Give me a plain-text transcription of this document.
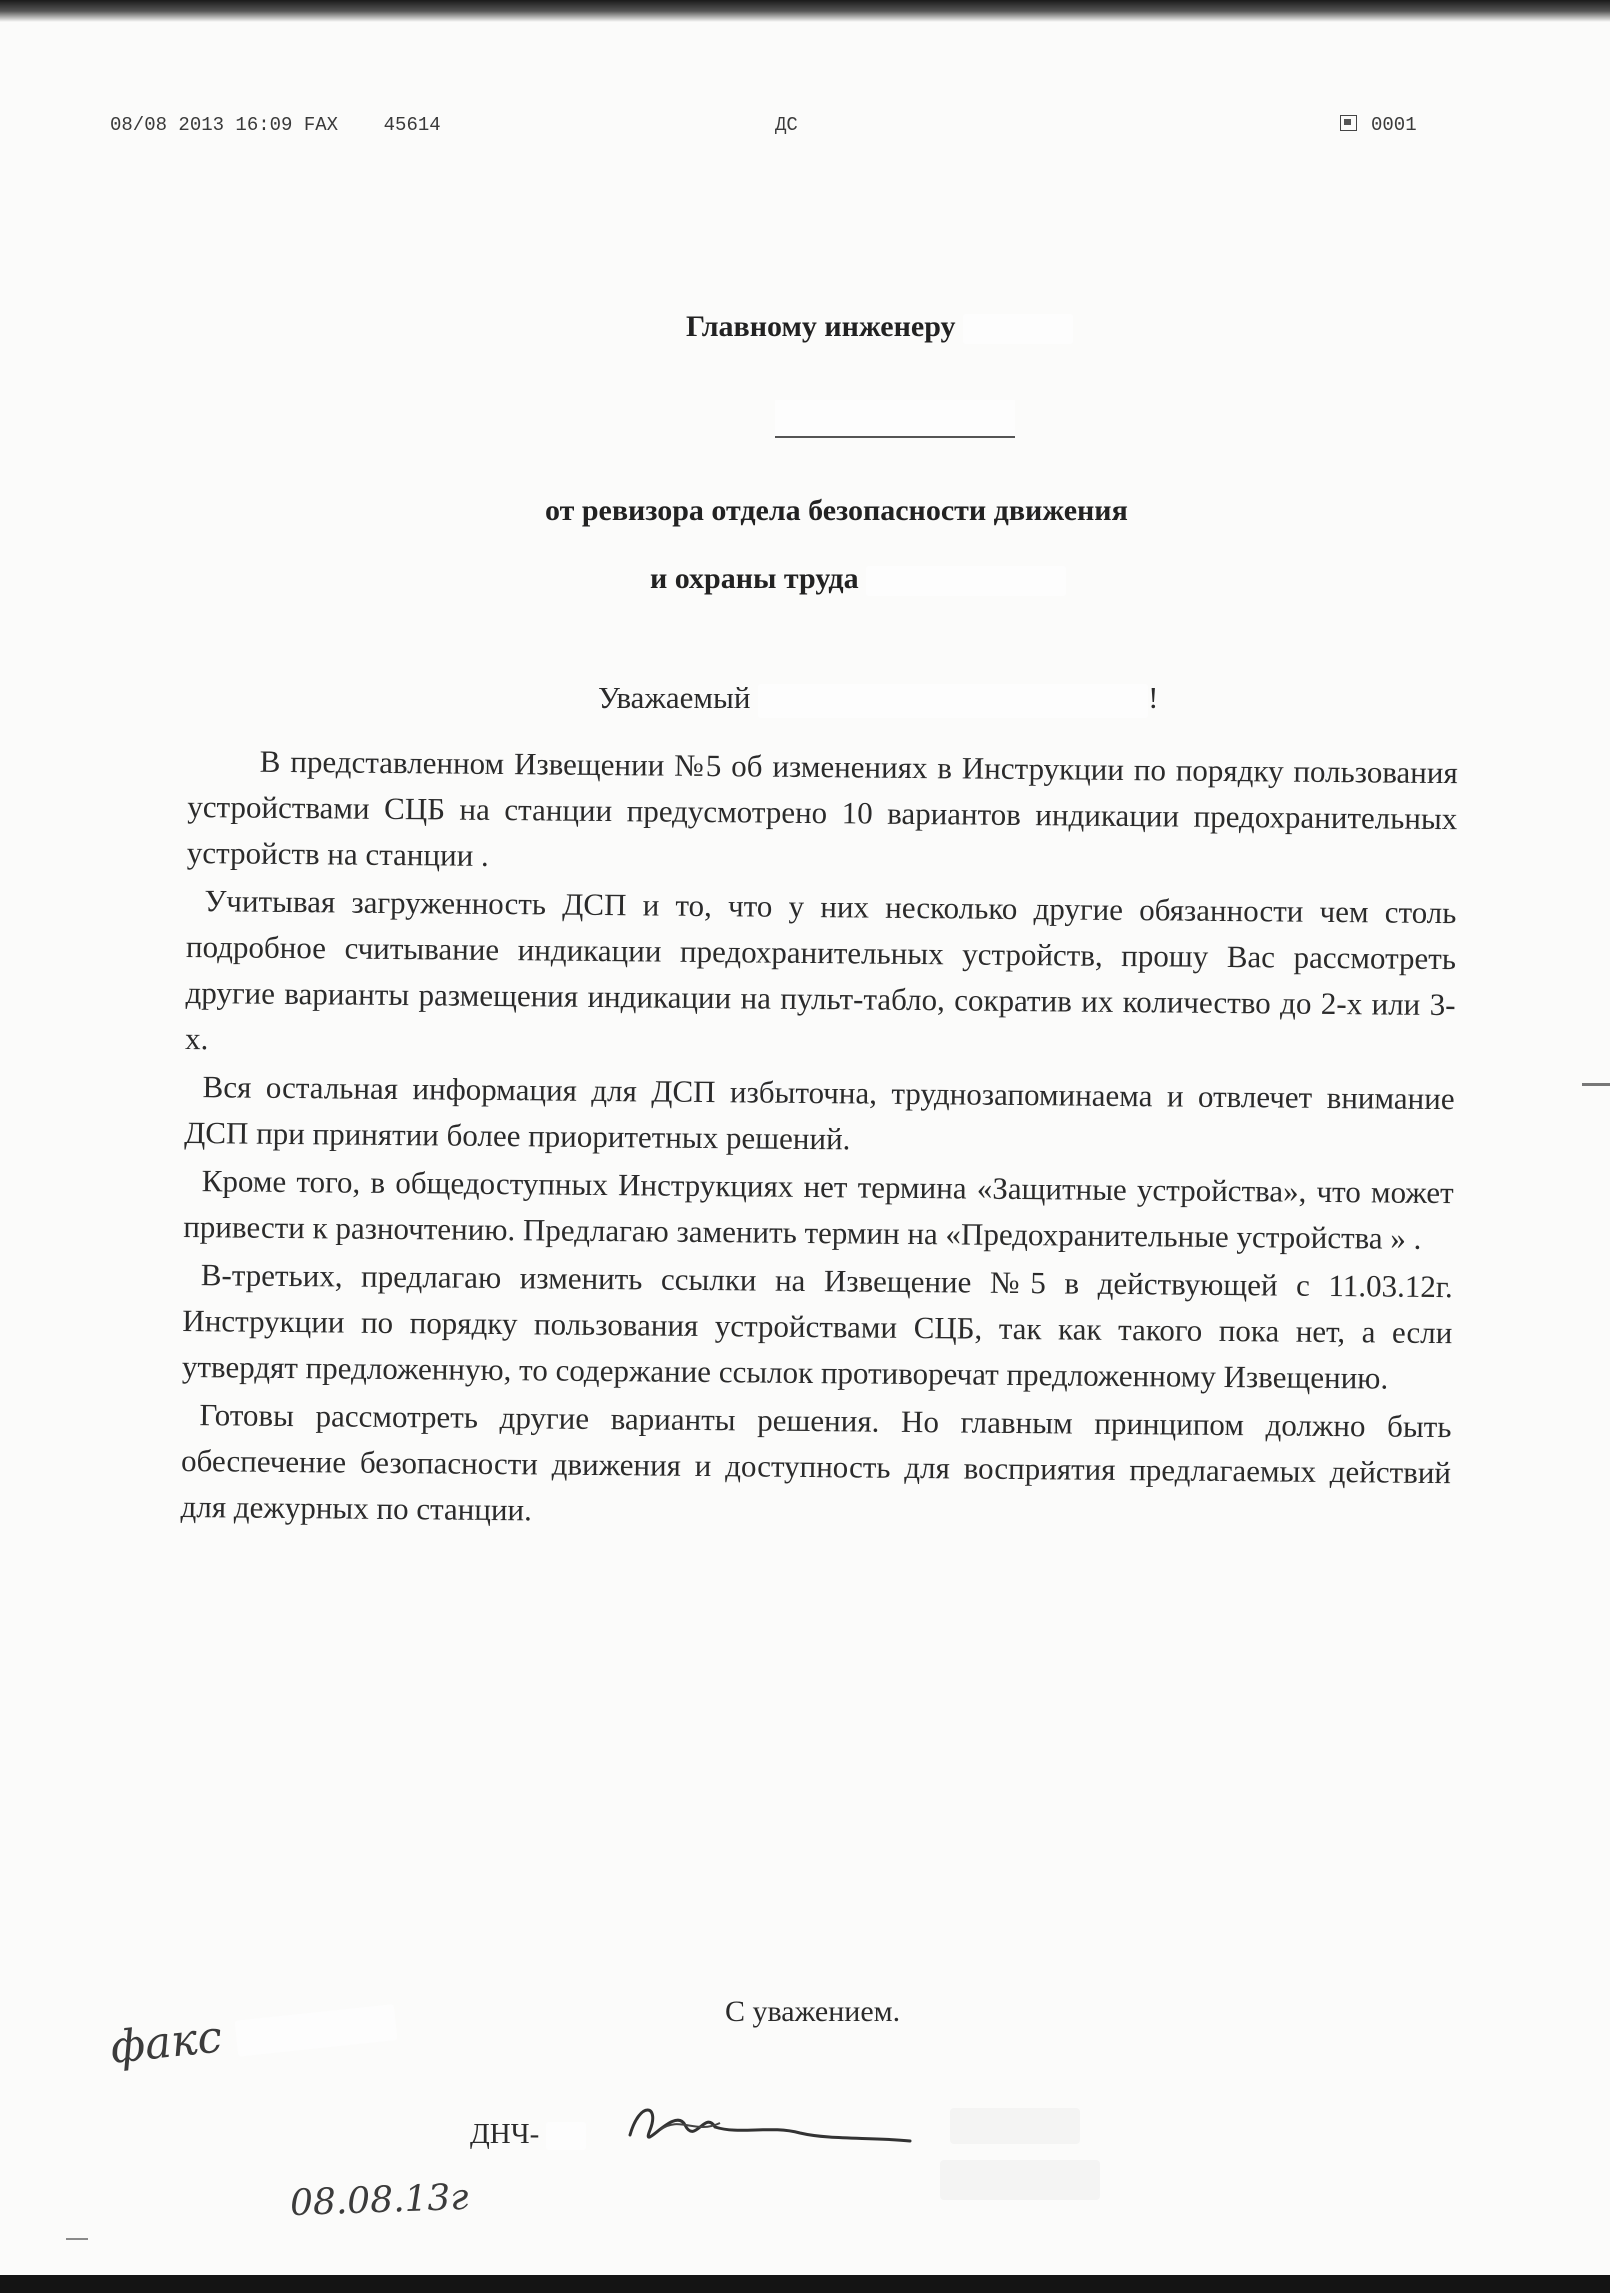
08/08 2013 16:09 FAX 45614	ДС	0001
Главному инженеру
от ревизора отдела безопасности движения
и охраны труда
Уважаемый	!

В представленном Извещении №5 об изменениях в Инструкции по порядку пользования устройствами СЦБ на станции предусмотрено 10 вариантов индикации предохранительных устройств на станции .

Учитывая загруженность ДСП и то, что у них несколько другие обязанности чем столь подробное считывание индикации предохранительных устройств, прошу Вас рассмотреть другие варианты размещения индикации на пульт-табло, сократив их количество до 2-х или 3-х.

Вся остальная информация для ДСП избыточна, труднозапоминаема и отвлечет внимание ДСП при принятии более приоритетных решений.

Кроме того, в общедоступных Инструкциях нет термина «Защитные устройства», что может привести к разночтению. Предлагаю заменить термин на «Предохранительные устройства » .

В-третьих, предлагаю изменить ссылки на Извещение №5 в действующей с 11.03.12г. Инструкции по порядку пользования устройствами СЦБ, так как такого пока нет, а если утвердят предложенную, то содержание ссылок противоречат предложенному Извещению.

Готовы рассмотреть другие варианты решения. Но главным принципом должно быть обеспечение безопасности движения и доступность для восприятия предлагаемых действий для дежурных по станции.

С уважением.
факс
ДНЧ-
08.08.13г
